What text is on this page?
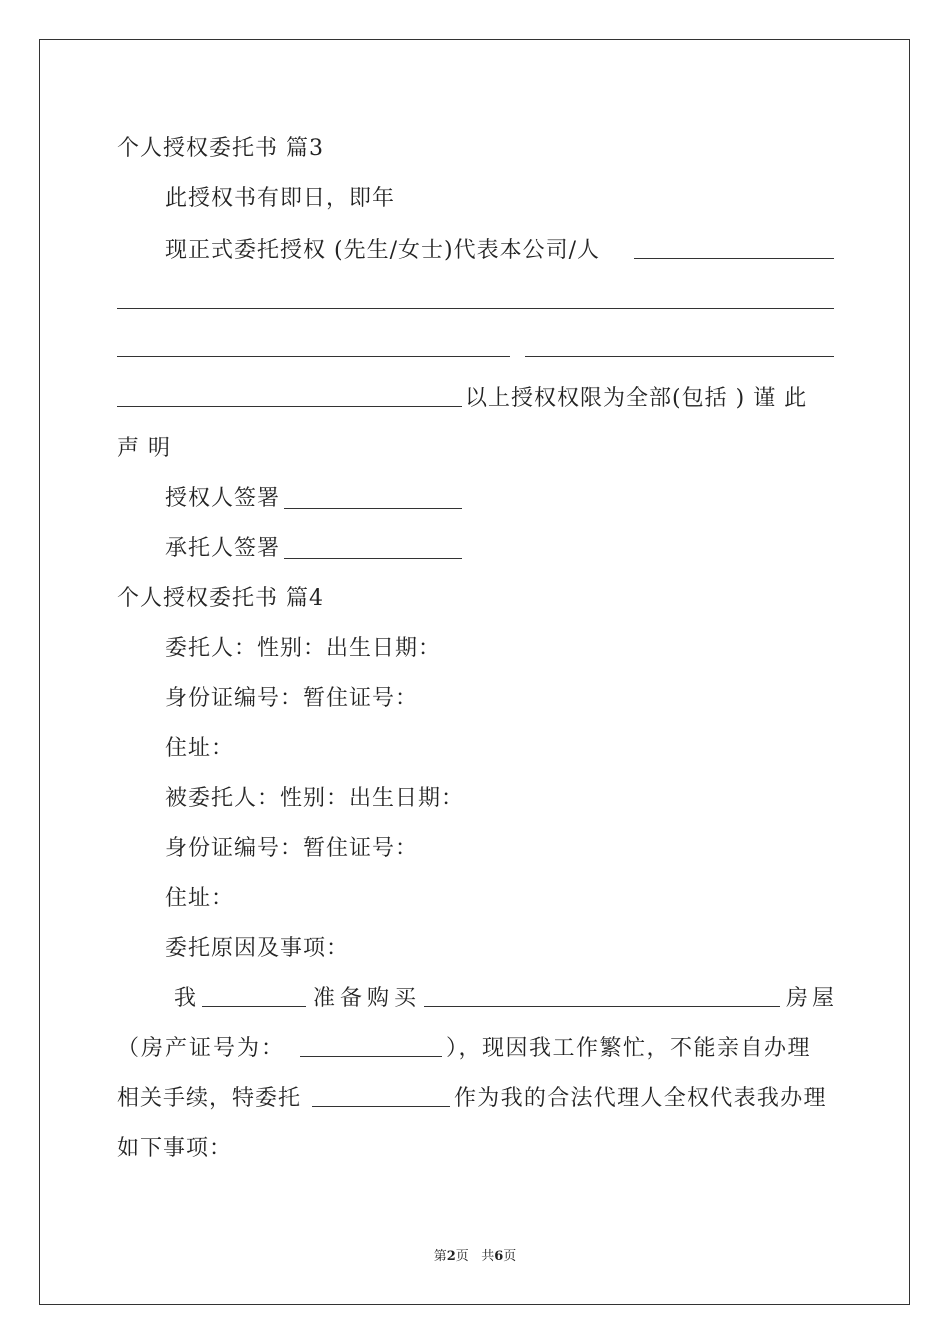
个人授权委托书 篇3
此授权书有即日，即年
现正式委托授权 (先生/女士)代表本公司/人
以上授权权限为全部(包括 ) 谨 此
声 明
授权人签署
承托人签署
个人授权委托书 篇4
委托人：性别：出生日期：
身份证编号：暂住证号：
住址：
被委托人：性别：出生日期：
身份证编号：暂住证号：
住址：
委托原因及事项：
我	准备购买	房屋
（房产证号为：	），现因我工作繁忙，不能亲自办理
相关手续，特委托	作为我的合法代理人全权代表我办理
如下事项：
第2页 共6页
